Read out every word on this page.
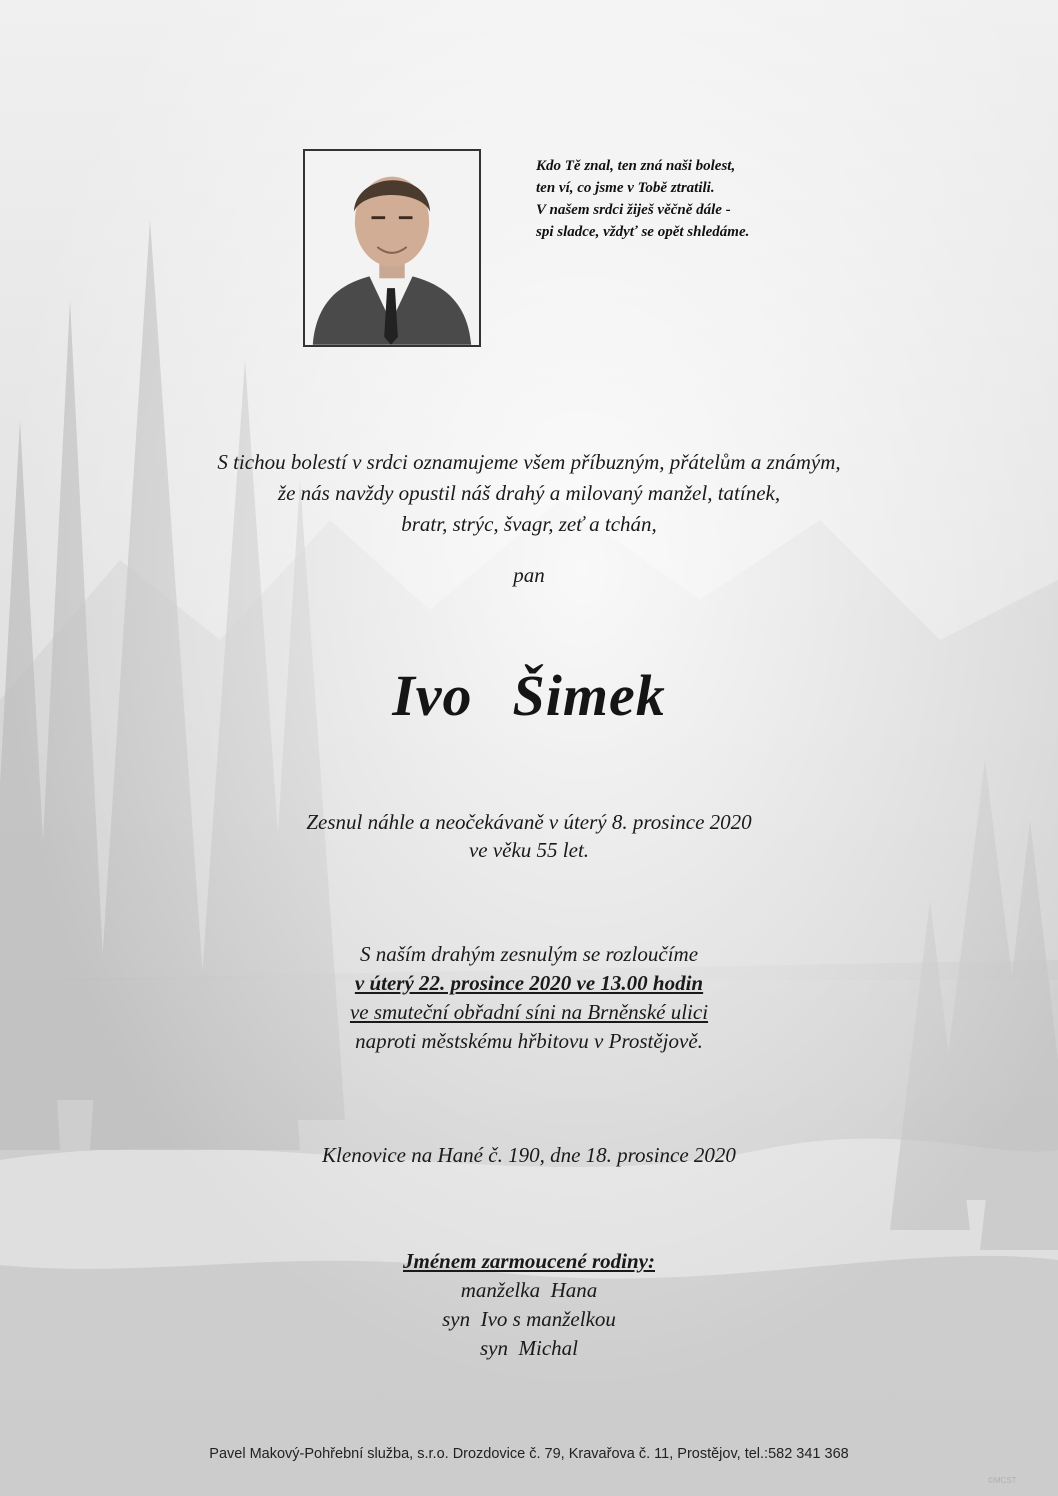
Kdo Tě znal, ten zná naši bolest,
ten ví, co jsme v Tobě ztratili.
V našem srdci žiješ věčně dále -
spi sladce, vždyť se opět shledáme.
S tichou bolestí v srdci oznamujeme všem příbuzným, přátelům a známým,
že nás navždy opustil náš drahý a milovaný manžel, tatínek,
bratr, strýc, švagr, zeť a tchán,
pan
Ivo Šimek
Zesnul náhle a neočekávaně v úterý 8. prosince 2020
ve věku 55 let.
S naším drahým zesnulým se rozloučíme
v úterý 22. prosince 2020 ve 13.00 hodin
ve smuteční obřadní síni na Brněnské ulici
naproti městskému hřbitovu v Prostějově.
Klenovice na Hané č. 190, dne 18. prosince 2020
Jménem zarmoucené rodiny:
manželka  Hana
syn  Ivo s manželkou
syn  Michal
Pavel Makový-Pohřební služba, s.r.o. Drozdovice č. 79, Kravařova č. 11, Prostějov, tel.:582 341 368
©MCST
